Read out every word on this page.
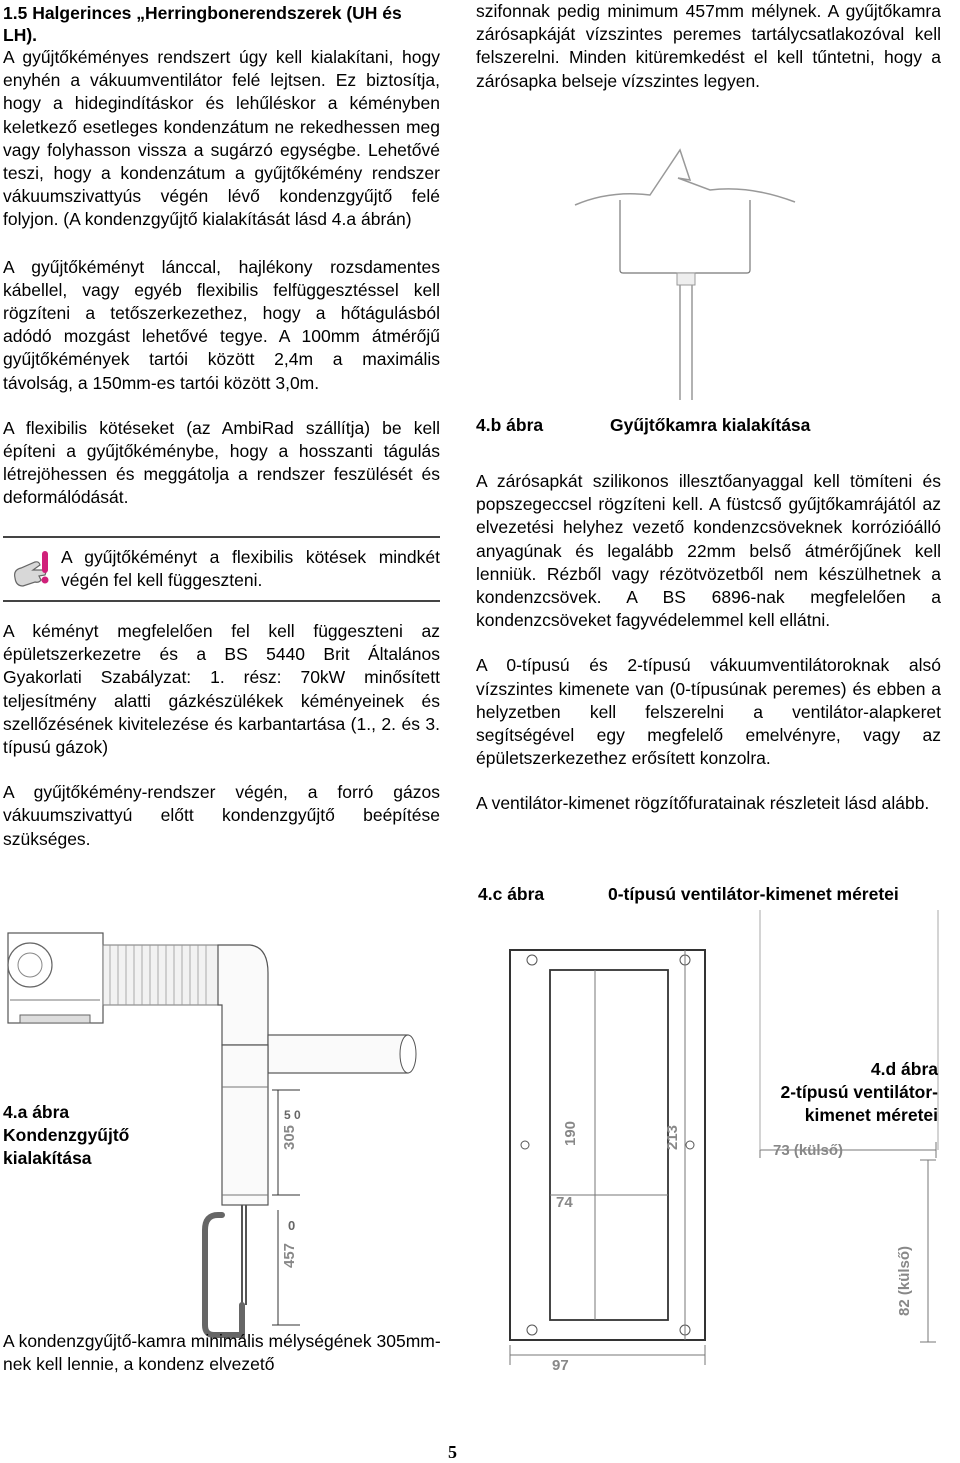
1.5 Halgerinces „Herringbonerendszerek (UH és LH).

A gyűjtőkéményes rendszert úgy kell kialakítani, hogy enyhén a vákuumventilátor felé lejtsen. Ez biztosítja, hogy a hidegindításkor és lehűléskor a kéményben keletkező esetleges kondenzátum ne rekedhessen meg vagy folyhasson vissza a sugárzó egységbe. Lehetővé teszi, hogy a kondenzátum a gyűjtőkémény rendszer vákuumszivattyús végén lévő kondenzgyűjtő felé folyjon. (A kondenzgyűjtő kialakítását lásd 4.a ábrán)

A gyűjtőkéményt lánccal, hajlékony rozsdamentes kábellel, vagy egyéb flexibilis felfüggesztéssel kell rögzíteni a tetőszerkezethez, hogy a hőtágulásból adódó mozgást lehetővé tegye. A 100mm átmérőjű gyűjtőkémények tartói között 2,4m a maximális távolság, a 150mm-es tartói között 3,0m.

A flexibilis kötéseket (az AmbiRad szállítja) be kell építeni a gyűjtőkéménybe, hogy a hosszanti tágulás létrejöhessen és meggátolja a rendszer feszülését és deformálódását.

A gyűjtőkéményt a flexibilis kötések mindkét végén fel kell függeszteni.

A kéményt megfelelően fel kell függeszteni az épületszerkezetre és a BS 5440 Brit Általános Gyakorlati Szabályzat: 1. rész: 70kW minősített teljesítmény alatti gázkészülékek kéményeinek és szellőzésének kivitelezése és karbantartása (1., 2. és 3. típusú gázok)

A gyűjtőkémény-rendszer végén, a forró gázos vákuumszivattyú előtt kondenzgyűjtő beépítése szükséges.

305
457
5 0
0
4.a ábra
Kondenzgyűjtő
kialakítása

A kondenzgyűjtő-kamra minimális mélységének 305mm-nek kell lennie, a kondenz elvezető

szifonnak pedig minimum 457mm mélynek. A gyűjtőkamra zárósapkáját vízszintes peremes tartálycsatlakozóval kell felszerelni. Minden kitüremkedést el kell tűntetni, hogy a zárósapka belseje vízszintes legyen.

4.b ábra	Gyűjtőkamra kialakítása

A zárósapkát szilikonos illesztőanyaggal kell tömíteni és popszegeccsel rögzíteni kell. A füstcső gyűjtőkamrájától az elvezetési helyhez vezető kondenzcsöveknek korrózióálló anyagúnak és legalább 22mm belső átmérőjűnek kell lenniük. Rézből vagy rézötvözetből nem készülhetnek a kondenzcsövek. A BS 6896-nak megfelelően a kondenzcsöveket fagyvédelemmel kell ellátni.

A 0-típusú és 2-típusú vákuumventilátoroknak alsó vízszintes kimenete van (0-típusúnak peremes) és ebben a helyzetben kell felszerelni a ventilátor-alapkeret segítségével egy megfelelő emelvényre, vagy az épületszerkezethez erősített konzolra.

A ventilátor-kimenet rögzítőfuratainak részleteit lásd alább.

4.c ábra	0-típusú ventilátor-kimenet méretei
190	213
74
97
73 (külső)
82 (külső)
4.d ábra
2-típusú ventilátor-
kimenet méretei
5
